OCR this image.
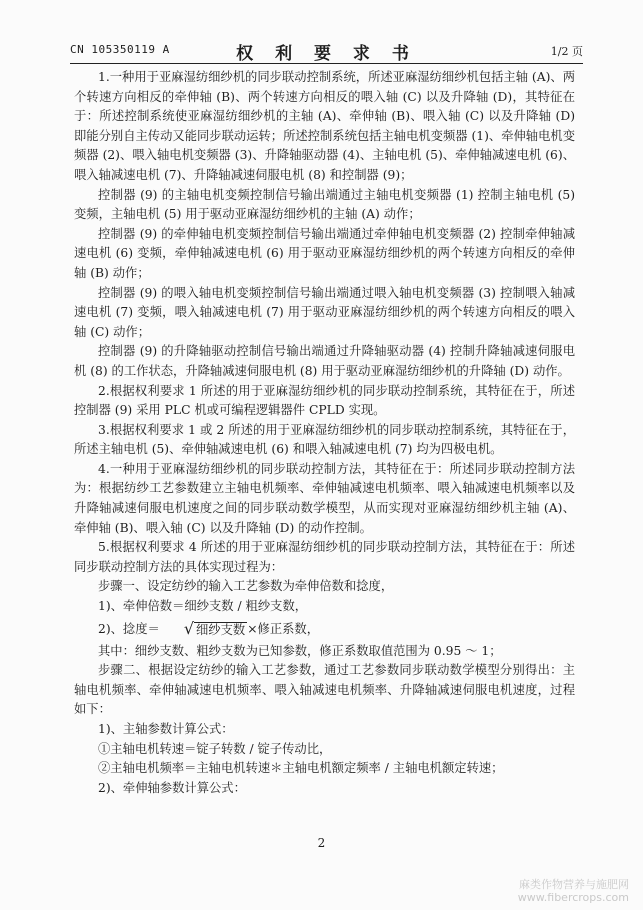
CN 105350119 A	权 利 要 求 书	1/2 页

1.一种用于亚麻湿纺细纱机的同步联动控制系统，所述亚麻湿纺细纱机包括主轴 (A)、两个转速方向相反的牵伸轴 (B)、两个转速方向相反的喂入轴 (C) 以及升降轴 (D)，其特征在于：所述控制系统使亚麻湿纺细纱机的主轴 (A)、牵伸轴 (B)、喂入轴 (C) 以及升降轴 (D) 即能分别自主传动又能同步联动运转；所述控制系统包括主轴电机变频器 (1)、牵伸轴电机变频器 (2)、喂入轴电机变频器 (3)、升降轴驱动器 (4)、主轴电机 (5)、牵伸轴减速电机 (6)、喂入轴减速电机 (7)、升降轴减速伺服电机 (8) 和控制器 (9)；

控制器 (9) 的主轴电机变频控制信号输出端通过主轴电机变频器 (1) 控制主轴电机 (5) 变频，主轴电机 (5) 用于驱动亚麻湿纺细纱机的主轴 (A) 动作；

控制器 (9) 的牵伸轴电机变频控制信号输出端通过牵伸轴电机变频器 (2) 控制牵伸轴减速电机 (6) 变频，牵伸轴减速电机 (6) 用于驱动亚麻湿纺细纱机的两个转速方向相反的牵伸轴 (B) 动作；

控制器 (9) 的喂入轴电机变频控制信号输出端通过喂入轴电机变频器 (3) 控制喂入轴减速电机 (7) 变频，喂入轴减速电机 (7) 用于驱动亚麻湿纺细纱机的两个转速方向相反的喂入轴 (C) 动作；

控制器 (9) 的升降轴驱动控制信号输出端通过升降轴驱动器 (4) 控制升降轴减速伺服电机 (8) 的工作状态，升降轴减速伺服电机 (8) 用于驱动亚麻湿纺细纱机的升降轴 (D) 动作。

2.根据权利要求 1 所述的用于亚麻湿纺细纱机的同步联动控制系统，其特征在于，所述控制器 (9) 采用 PLC 机或可编程逻辑器件 CPLD 实现。

3.根据权利要求 1 或 2 所述的用于亚麻湿纺细纱机的同步联动控制系统，其特征在于，所述主轴电机 (5)、牵伸轴减速电机 (6) 和喂入轴减速电机 (7) 均为四极电机。

4.一种用于亚麻湿纺细纱机的同步联动控制方法，其特征在于：所述同步联动控制方法为：根据纺纱工艺参数建立主轴电机频率、牵伸轴减速电机频率、喂入轴减速电机频率以及升降轴减速伺服电机速度之间的同步联动数学模型，从而实现对亚麻湿纺细纱机主轴 (A)、牵伸轴 (B)、喂入轴 (C) 以及升降轴 (D) 的动作控制。

5.根据权利要求 4 所述的用于亚麻湿纺细纱机的同步联动控制方法，其特征在于：所述同步联动控制方法的具体实现过程为：

步骤一、设定纺纱的输入工艺参数为牵伸倍数和捻度，

1)、牵伸倍数＝细纱支数 / 粗纱支数，

2)、捻度＝ √ 细纱支数 ×修正系数，

其中：细纱支数、粗纱支数为已知参数，修正系数取值范围为 0.95 ～ 1；

步骤二、根据设定纺纱的输入工艺参数，通过工艺参数同步联动数学模型分别得出：主轴电机频率、牵伸轴减速电机频率、喂入轴减速电机频率、升降轴减速伺服电机速度，过程如下：

1)、主轴参数计算公式：

①主轴电机转速＝锭子转数 / 锭子传动比，

②主轴电机频率＝主轴电机转速＊主轴电机额定频率 / 主轴电机额定转速；

2)、牵伸轴参数计算公式：

2
麻类作物营养与施肥网
www.fibercrops.com
